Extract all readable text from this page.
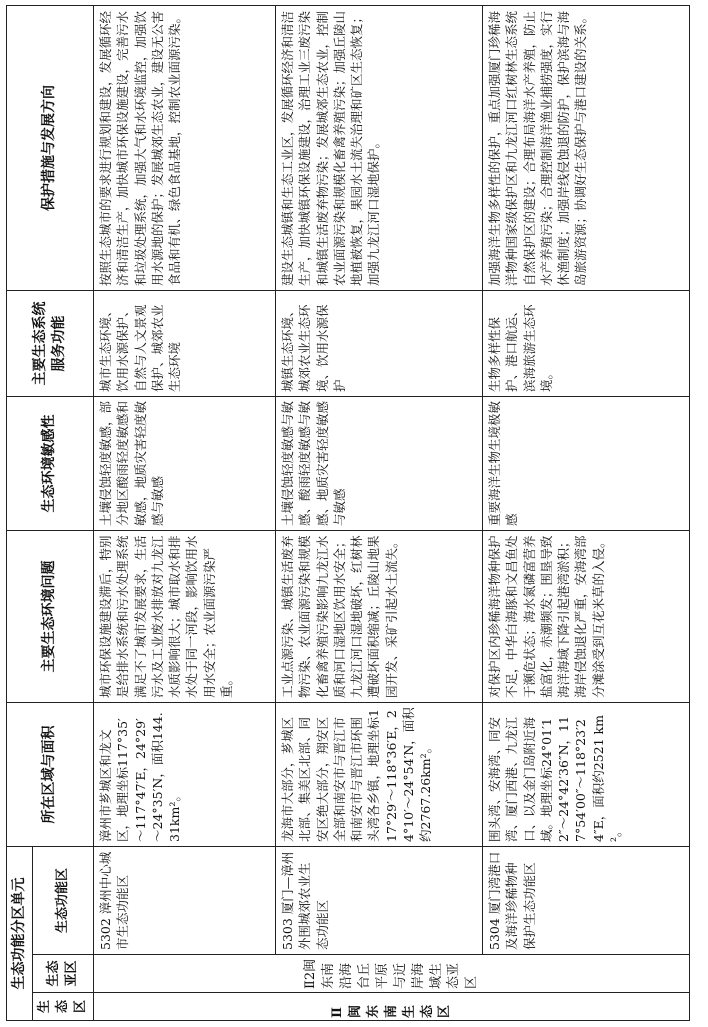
生态功能分区单元			所在区域与面积	主要生态环境问题	生态环境敏感性	主要生态系统服务功能	保护措施与发展方向
生态区	生态亚区	生态功能区					
Ⅱ闽东南生态区	Ⅱ2闽东南沿海台丘平原与近岸海域生态亚区	5302 漳州中心城市生态功能区	漳州市芗城区和龙文区，地理坐标117°35′～117°47′E，24°29′～24°35′N，面积144.31km²。	城市环保设施建设滞后，特别是给排水系统和污水处理系统满足不了城市发展要求，生活污水及工业废水排放对九龙江水质影响很大；城市取水和排水处于同一河段，影响饮用水用水安全；农业面源污染严重。	土壤侵蚀轻度敏感，部分地区酸雨轻度敏感和敏感，地质灾害轻度敏感与敏感	城市生态环境、饮用水源保护、自然与人文景观保护、城郊农业生态环境	按照生态城市的要求进行规划和建设，发展循环经济和清洁生产，加快城市环保设施建设，完善污水和垃圾处理系统，加强大气和水环境监控，加强饮用水源地的保护；发展城郊生态农业，建设无公害食品和有机、绿色食品基地，控制农业面源污染。
		5303 厦门—漳州外围城郊农业生态功能区	龙海市大部分，芗城区北部、集美区北部、同安区绝大部分，翔安区全部和南安市与晋江市和南安市与晋江市环围头湾各乡镇，地理坐标117°29′～118°36′E，24°10′～24°54′N，面积约2767.26km²。	工业点源污染、城镇生活废弃物污染、农业面源污染和规模化畜禽养殖污染影响九龙江水质和河口湿地区饮用水安全；九龙江河口湿地破坏，红树林遭破坏面积缩减；丘陵山地果园开发、采矿引起水土流失。	土壤侵蚀轻度敏感与敏感、酸雨轻度敏感与敏感、地质灾害轻度敏感与敏感	城镇生态环境、城郊农业生态环境、饮用水源保护	建设生态城镇和生态工业区，发展循环经济和清洁生产，加快城镇环保设施建设，治理工业三废污染和城镇生活废弃物污染；发展城郊生态农业，控制农业面源污染和规模化畜禽养殖污染；加强丘陵山地植被恢复，果园水土流失治理和矿区生态恢复；加强九龙江河口湿地保护。
		5304 厦门湾港口及海洋珍稀物种保护生态功能区	围头湾、安海湾、同安湾、厦门西港、九龙江口、以及金门岛附近海域。地理坐标24°01′12″～24°42′36″N，117°54′00″～118°23′24″E，面积约2521 km²。	对保护区内珍稀海洋物种保护不足，中华白海豚和文昌鱼处于濒危状态；海水氮磷富营养盐富化，赤潮频发；围垦导致海洋海域下降引起港湾淤积；海岸侵蚀退化严重，安海湾部分滩涂受到互花米草的入侵。	重要海洋生物生境极敏感	生物多样性保护、港口航运、滨海旅游生态环境。	加强海洋生物多样性的保护，重点加强厦门珍稀海洋物种国家级保护区和九龙江河口红树林生态系统自然保护区的建设；合理布局海洋水产养殖，防止水产养殖污染；合理控制海洋渔业捕捞强度，实行休渔制度；加强岸线侵蚀退的防护，保护滨海与海岛旅游资源；协调好生态保护与港口建设的关系。
